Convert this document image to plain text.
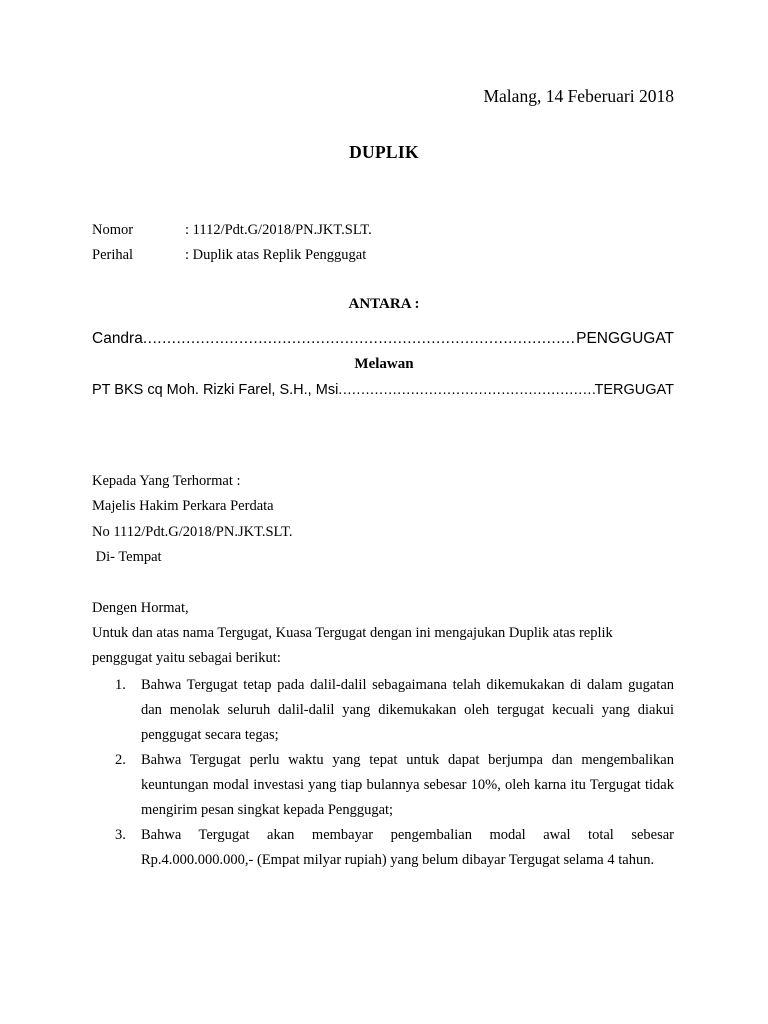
Malang, 14 Feberuari 2018
DUPLIK
Nomor	: 1112/Pdt.G/2018/PN.JKT.SLT.
Perihal	: Duplik atas Replik Penggugat
ANTARA :
Candra .....	PENGGUGAT
Melawan
PT BKS cq Moh. Rizki Farel, S.H., Msi .....	TERGUGAT
Kepada Yang Terhormat :
Majelis Hakim Perkara Perdata
No 1112/Pdt.G/2018/PN.JKT.SLT.
Di- Tempat
Dengen Hormat,
Untuk dan atas nama Tergugat, Kuasa Tergugat dengan ini mengajukan Duplik atas replik
penggugat yaitu sebagai berikut:
1. Bahwa Tergugat tetap pada dalil-dalil sebagaimana telah dikemukakan di dalam gugatan dan menolak seluruh dalil-dalil yang dikemukakan oleh tergugat kecuali yang diakui penggugat secara tegas;
2. Bahwa Tergugat perlu waktu yang tepat untuk dapat berjumpa dan mengembalikan keuntungan modal investasi yang tiap bulannya sebesar 10%, oleh karna itu Tergugat tidak mengirim pesan singkat kepada Penggugat;
3. Bahwa Tergugat akan membayar pengembalian modal awal total sebesar Rp.4.000.000.000,- (Empat milyar rupiah) yang belum dibayar Tergugat selama 4 tahun.
